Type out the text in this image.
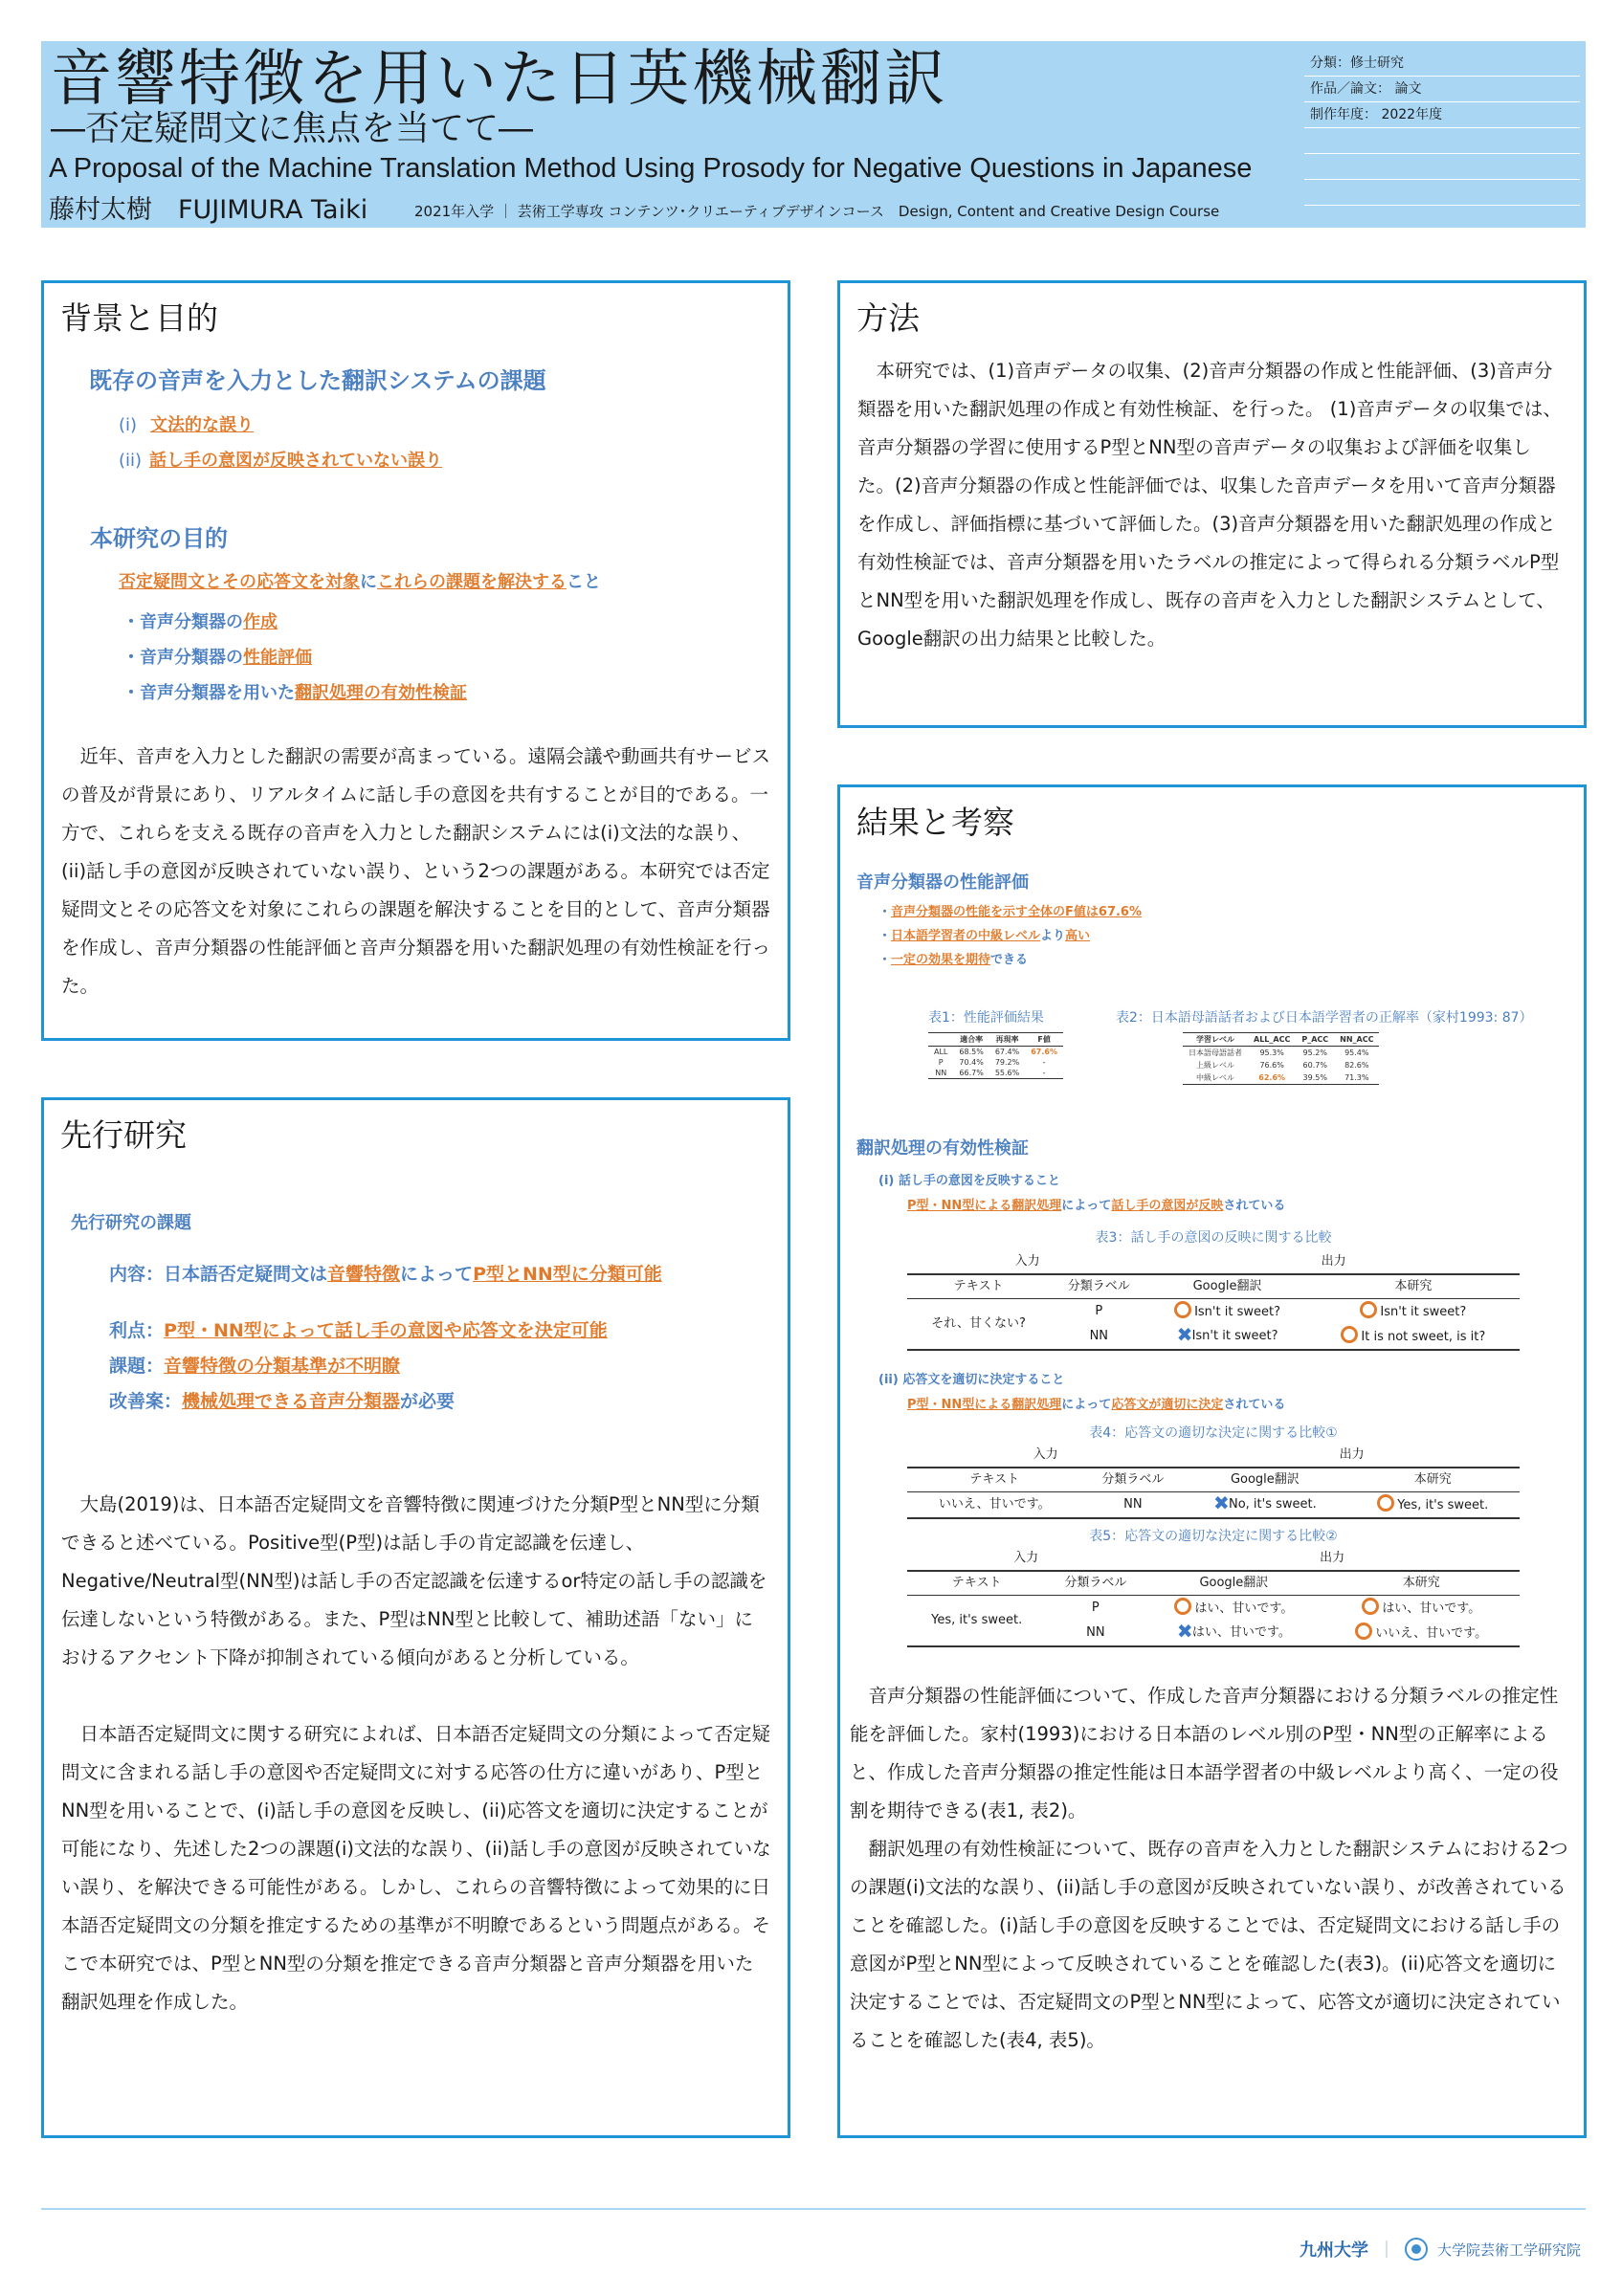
音響特徴を用いた日英機械翻訳
―否定疑問文に焦点を当てて―
A Proposal of the Machine Translation Method Using Prosody for Negative Questions in Japanese
藤村太樹　FUJIMURA Taiki	2021年入学 ｜ 芸術工学専攻 コンテンツ･クリエーティブデザインコース　Design, Content and Creative Design Course
分類：修士研究
作品／論文： 論文
制作年度： 2022年度
背景と目的
既存の音声を入力とした翻訳システムの課題
(i) 文法的な誤り
(ii) 話し手の意図が反映されていない誤り
本研究の目的
否定疑問文とその応答文を対象にこれらの課題を解決すること
・音声分類器の作成
・音声分類器の性能評価
・音声分類器を用いた翻訳処理の有効性検証

近年、音声を入力とした翻訳の需要が高まっている。遠隔会議や動画共有サービスの普及が背景にあり、リアルタイムに話し手の意図を共有することが目的である。一方で、これらを支える既存の音声を入力とした翻訳システムには(i)文法的な誤り、(ii)話し手の意図が反映されていない誤り、という2つの課題がある。本研究では否定疑問文とその応答文を対象にこれらの課題を解決することを目的として、音声分類器を作成し、音声分類器の性能評価と音声分類器を用いた翻訳処理の有効性検証を行った。

先行研究
先行研究の課題
内容：日本語否定疑問文は音響特徴によってP型とNN型に分類可能
利点：P型・NN型によって話し手の意図や応答文を決定可能
課題：音響特徴の分類基準が不明瞭
改善案：機械処理できる音声分類器が必要

大島(2019)は、日本語否定疑問文を音響特徴に関連づけた分類P型とNN型に分類できると述べている。Positive型(P型)は話し手の肯定認識を伝達し、Negative/Neutral型(NN型)は話し手の否定認識を伝達するor特定の話し手の認識を伝達しないという特徴がある。また、P型はNN型と比較して、補助述語「ない」におけるアクセント下降が抑制されている傾向があると分析している。

日本語否定疑問文に関する研究によれば、日本語否定疑問文の分類によって否定疑問文に含まれる話し手の意図や否定疑問文に対する応答の仕方に違いがあり、P型とNN型を用いることで、(i)話し手の意図を反映し、(ii)応答文を適切に決定することが可能になり、先述した2つの課題(i)文法的な誤り、(ii)話し手の意図が反映されていない誤り、を解決できる可能性がある。しかし、これらの音響特徴によって効果的に日本語否定疑問文の分類を推定するための基準が不明瞭であるという問題点がある。そこで本研究では、P型とNN型の分類を推定できる音声分類器と音声分類器を用いた翻訳処理を作成した。

方法

本研究では、(1)音声データの収集、(2)音声分類器の作成と性能評価、(3)音声分類器を用いた翻訳処理の作成と有効性検証、を行った。 (1)音声データの収集では、音声分類器の学習に使用するP型とNN型の音声データの収集および評価を収集した。(2)音声分類器の作成と性能評価では、収集した音声データを用いて音声分類器を作成し、評価指標に基づいて評価した。(3)音声分類器を用いた翻訳処理の作成と有効性検証では、音声分類器を用いたラベルの推定によって得られる分類ラベルP型とNN型を用いた翻訳処理を作成し、既存の音声を入力とした翻訳システムとして、Google翻訳の出力結果と比較した。

結果と考察
音声分類器の性能評価
・音声分類器の性能を示す全体のF値は67.6%
・日本語学習者の中級レベルより高い
・一定の効果を期待できる
表1：性能評価結果
	適合率	再現率	F値
ALL	68.5%	67.4%	67.6%
P	70.4%	79.2%	-
NN	66.7%	55.6%	-
表2：日本語母語話者および日本語学習者の正解率（家村1993: 87）
学習レベル	ALL_ACC	P_ACC	NN_ACC
日本語母語話者	95.3%	95.2%	95.4%
上級レベル	76.6%	60.7%	82.6%
中級レベル	62.6%	39.5%	71.3%
翻訳処理の有効性検証
(i) 話し手の意図を反映すること
P型・NN型による翻訳処理によって話し手の意図が反映されている
表3：話し手の意図の反映に関する比較
入力		出力	
テキスト	分類ラベル	Google翻訳	本研究
それ、甘くない?	P	Isn't it sweet?	Isn't it sweet?
	NN	✖Isn't it sweet?	It is not sweet, is it?
(ii) 応答文を適切に決定すること
P型・NN型による翻訳処理によって応答文が適切に決定されている
表4：応答文の適切な決定に関する比較①
入力		出力	
テキスト	分類ラベル	Google翻訳	本研究
いいえ、甘いです。	NN	✖No, it's sweet.	Yes, it's sweet.
表5：応答文の適切な決定に関する比較②
入力		出力	
テキスト	分類ラベル	Google翻訳	本研究
Yes, it's sweet.	P	はい、甘いです。	はい、甘いです。
	NN	✖はい、甘いです。	いいえ、甘いです。

音声分類器の性能評価について、作成した音声分類器における分類ラベルの推定性能を評価した。家村(1993)における日本語のレベル別のP型・NN型の正解率によると、作成した音声分類器の推定性能は日本語学習者の中級レベルより高く、一定の役割を期待できる(表1, 表2)。

翻訳処理の有効性検証について、既存の音声を入力とした翻訳システムにおける2つの課題(i)文法的な誤り、(ii)話し手の意図が反映されていない誤り、が改善されていることを確認した。(i)話し手の意図を反映することでは、否定疑問文における話し手の意図がP型とNN型によって反映されていることを確認した(表3)。(ii)応答文を適切に決定することでは、否定疑問文のP型とNN型によって、応答文が適切に決定されていることを確認した(表4, 表5)。

九州大学 ｜	大学院芸術工学研究院
